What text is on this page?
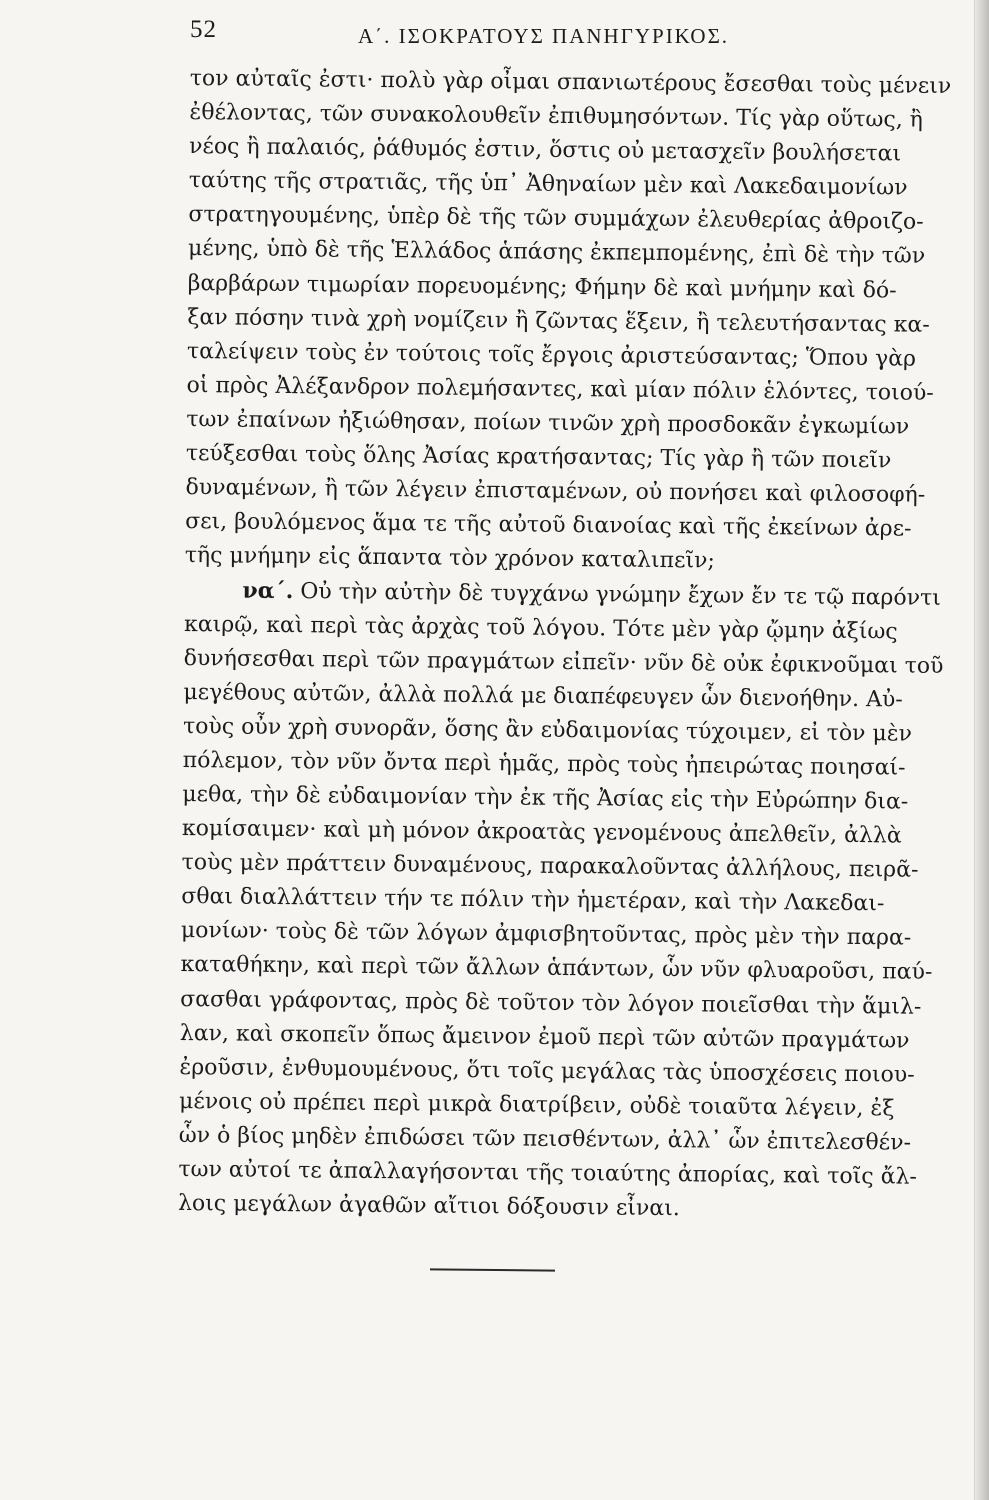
52	Α΄. ΙΣΟΚΡΑΤΟΥΣ ΠΑΝΗΓΥΡΙΚΟΣ.
τον αὐταῖς ἐστι· πολὺ γὰρ οἶμαι σπανιωτέρους ἔσεσθαι τοὺς μένειν
ἐθέλοντας, τῶν συνακολουθεῖν ἐπιθυμησόντων. Τίς γὰρ οὕτως, ἢ
νέος ἢ παλαιός, ῥάθυμός ἐστιν, ὅστις οὐ μετασχεῖν βουλήσεται
ταύτης τῆς στρατιᾶς, τῆς ὑπ᾽ Ἀθηναίων μὲν καὶ Λακεδαιμονίων
στρατηγουμένης, ὑπὲρ δὲ τῆς τῶν συμμάχων ἐλευθερίας ἀθροιζο-
μένης, ὑπὸ δὲ τῆς Ἑλλάδος ἁπάσης ἐκπεμπομένης, ἐπὶ δὲ τὴν τῶν
βαρβάρων τιμωρίαν πορευομένης; Φήμην δὲ καὶ μνήμην καὶ δό-
ξαν πόσην τινὰ χρὴ νομίζειν ἢ ζῶντας ἕξειν, ἢ τελευτήσαντας κα-
ταλείψειν τοὺς ἐν τούτοις τοῖς ἔργοις ἀριστεύσαντας; Ὅπου γὰρ
οἱ πρὸς Ἀλέξανδρον πολεμήσαντες, καὶ μίαν πόλιν ἑλόντες, τοιού-
των ἐπαίνων ἠξιώθησαν, ποίων τινῶν χρὴ προσδοκᾶν ἐγκωμίων
τεύξεσθαι τοὺς ὅλης Ἀσίας κρατήσαντας; Τίς γὰρ ἢ τῶν ποιεῖν
δυναμένων, ἢ τῶν λέγειν ἐπισταμένων, οὐ πονήσει καὶ φιλοσοφή-
σει, βουλόμενος ἅμα τε τῆς αὐτοῦ διανοίας καὶ τῆς ἐκείνων ἀρε-
τῆς μνήμην εἰς ἅπαντα τὸν χρόνον καταλιπεῖν;
να΄. Οὐ τὴν αὐτὴν δὲ τυγχάνω γνώμην ἔχων ἔν τε τῷ παρόντι
καιρῷ, καὶ περὶ τὰς ἀρχὰς τοῦ λόγου. Τότε μὲν γὰρ ᾤμην ἀξίως
δυνήσεσθαι περὶ τῶν πραγμάτων εἰπεῖν· νῦν δὲ οὐκ ἐφικνοῦμαι τοῦ
μεγέθους αὐτῶν, ἀλλὰ πολλά με διαπέφευγεν ὧν διενοήθην. Αὐ-
τοὺς οὖν χρὴ συνορᾶν, ὅσης ἂν εὐδαιμονίας τύχοιμεν, εἰ τὸν μὲν
πόλεμον, τὸν νῦν ὄντα περὶ ἡμᾶς, πρὸς τοὺς ἠπειρώτας ποιησαί-
μεθα, τὴν δὲ εὐδαιμονίαν τὴν ἐκ τῆς Ἀσίας εἰς τὴν Εὐρώπην δια-
κομίσαιμεν· καὶ μὴ μόνον ἀκροατὰς γενομένους ἀπελθεῖν, ἀλλὰ
τοὺς μὲν πράττειν δυναμένους, παρακαλοῦντας ἀλλήλους, πειρᾶ-
σθαι διαλλάττειν τήν τε πόλιν τὴν ἡμετέραν, καὶ τὴν Λακεδαι-
μονίων· τοὺς δὲ τῶν λόγων ἀμφισβητοῦντας, πρὸς μὲν τὴν παρα-
καταθήκην, καὶ περὶ τῶν ἄλλων ἁπάντων, ὧν νῦν φλυαροῦσι, παύ-
σασθαι γράφοντας, πρὸς δὲ τοῦτον τὸν λόγον ποιεῖσθαι τὴν ἅμιλ-
λαν, καὶ σκοπεῖν ὅπως ἄμεινον ἐμοῦ περὶ τῶν αὐτῶν πραγμάτων
ἐροῦσιν, ἐνθυμουμένους, ὅτι τοῖς μεγάλας τὰς ὑποσχέσεις ποιου-
μένοις οὐ πρέπει περὶ μικρὰ διατρίβειν, οὐδὲ τοιαῦτα λέγειν, ἐξ
ὧν ὁ βίος μηδὲν ἐπιδώσει τῶν πεισθέντων, ἀλλ᾽ ὧν ἐπιτελεσθέν-
των αὐτοί τε ἀπαλλαγήσονται τῆς τοιαύτης ἀπορίας, καὶ τοῖς ἄλ-
λοις μεγάλων ἀγαθῶν αἴτιοι δόξουσιν εἶναι.
